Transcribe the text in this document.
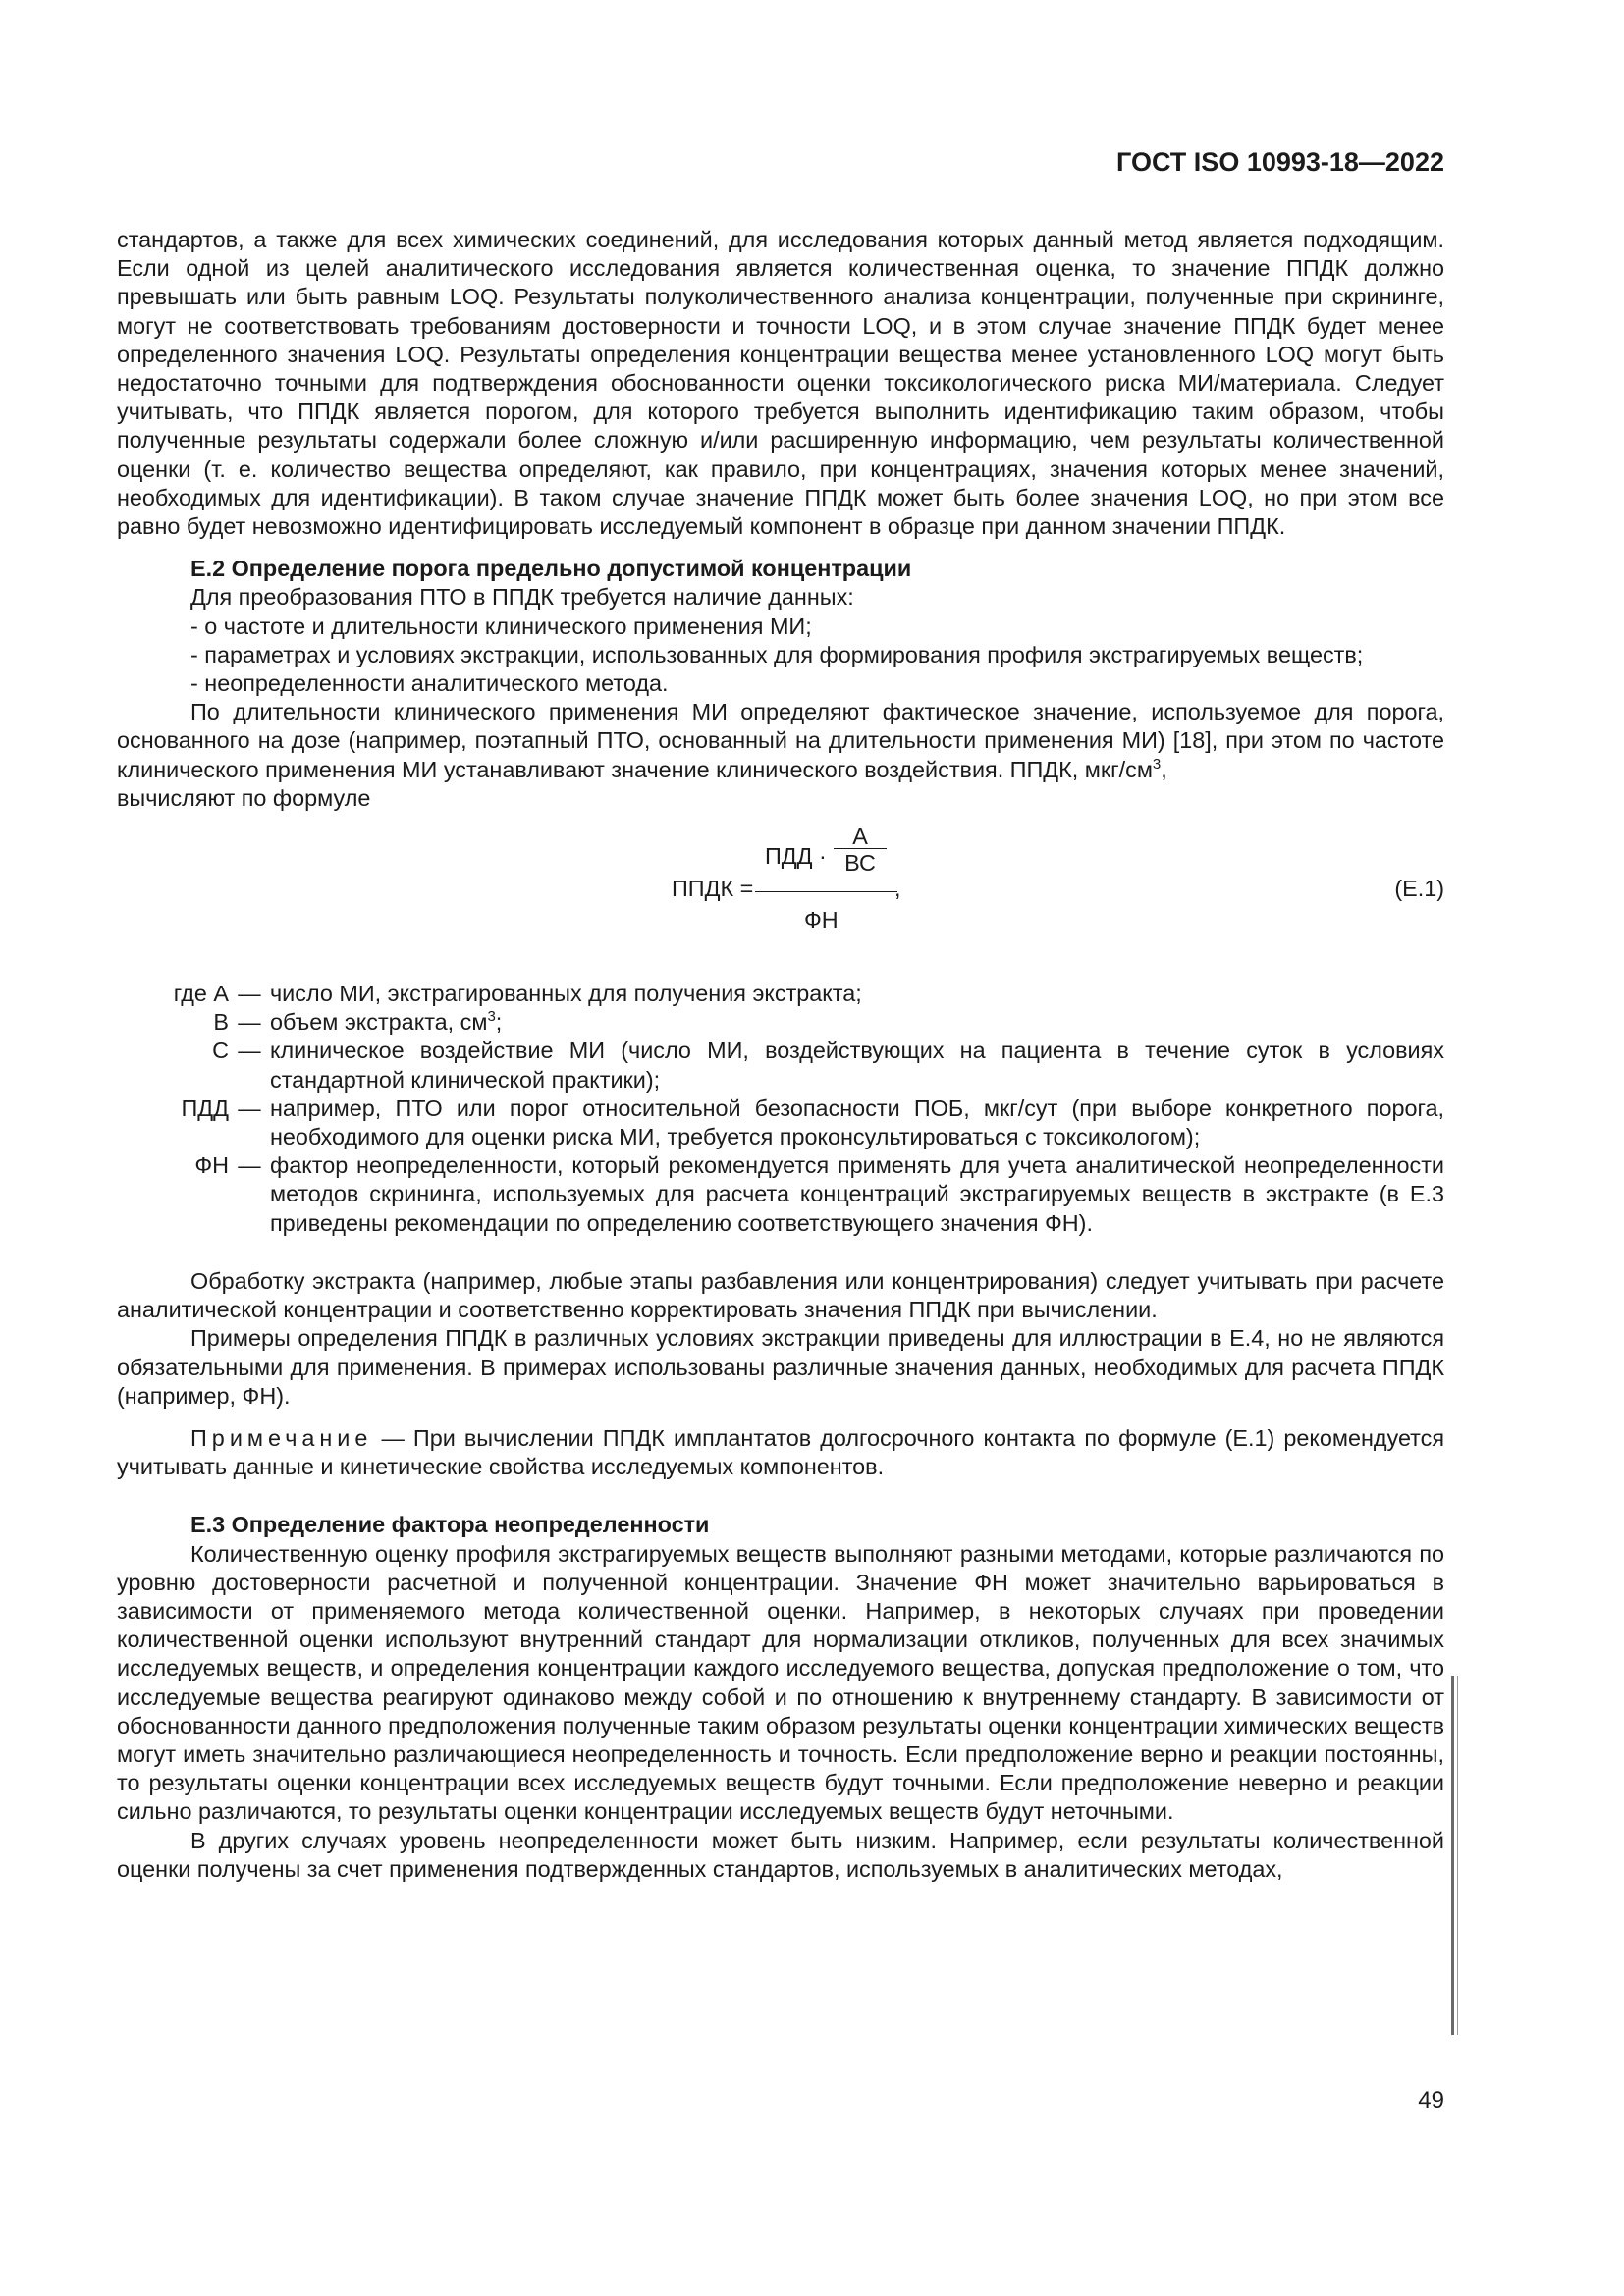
ГОСТ ISO 10993-18—2022

стандартов, а также для всех химических соединений, для исследования которых данный метод является подходящим. Если одной из целей аналитического исследования является количественная оценка, то значение ППДК должно превышать или быть равным LOQ. Результаты полуколичественного анализа концентрации, полученные при скрининге, могут не соответствовать требованиям достоверности и точности LOQ, и в этом случае значение ППДК будет менее определенного значения LOQ. Результаты определения концентрации вещества менее установленного LOQ могут быть недостаточно точными для подтверждения обоснованности оценки токсикологического риска МИ/материала. Следует учитывать, что ППДК является порогом, для которого требуется выполнить идентификацию таким образом, чтобы полученные результаты содержали более сложную и/или расширенную информацию, чем результаты количественной оценки (т. е. количество вещества определяют, как правило, при концентрациях, значения которых менее значений, необходимых для идентификации). В таком случае значение ППДК может быть более значения LOQ, но при этом все равно будет невозможно идентифицировать исследуемый компонент в образце при данном значении ППДК.

Е.2 Определение порога предельно допустимой концентрации

Для преобразования ПТО в ППДК требуется наличие данных:

- о частоте и длительности клинического применения МИ;

- параметрах и условиях экстракции, использованных для формирования профиля экстрагируемых веществ;

- неопределенности аналитического метода.

По длительности клинического применения МИ определяют фактическое значение, используемое для порога, основанного на дозе (например, поэтапный ПТО, основанный на длительности применения МИ) [18], при этом по частоте клинического применения МИ устанавливают значение клинического воздействия. ППДК, мкг/$см^3$,

вычисляют по формуле

ППДК =
ПДД ·
А
ВС
,
ФН
(Е.1)
где А — число МИ, экстрагированных для получения экстракта;
В — объем экстракта, $см^3$;
С — клиническое воздействие МИ (число МИ, воздействующих на пациента в течение суток в условиях стандартной клинической практики);
ПДД — например, ПТО или порог относительной безопасности ПОБ, мкг/сут (при выборе конкретного порога, необходимого для оценки риска МИ, требуется проконсультироваться с токсикологом);
ФН — фактор неопределенности, который рекомендуется применять для учета аналитической неопределенности методов скрининга, используемых для расчета концентраций экстрагируемых веществ в экстракте (в Е.3 приведены рекомендации по определению соответствующего значения ФН).

Обработку экстракта (например, любые этапы разбавления или концентрирования) следует учитывать при расчете аналитической концентрации и соответственно корректировать значения ППДК при вычислении.

Примеры определения ППДК в различных условиях экстракции приведены для иллюстрации в Е.4, но не являются обязательными для применения. В примерах использованы различные значения данных, необходимых для расчета ППДК (например, ФН).

Примечание — При вычислении ППДК имплантатов долгосрочного контакта по формуле (Е.1) рекомендуется учитывать данные и кинетические свойства исследуемых компонентов.

Е.3 Определение фактора неопределенности

Количественную оценку профиля экстрагируемых веществ выполняют разными методами, которые различаются по уровню достоверности расчетной и полученной концентрации. Значение ФН может значительно варьироваться в зависимости от применяемого метода количественной оценки. Например, в некоторых случаях при проведении количественной оценки используют внутренний стандарт для нормализации откликов, полученных для всех значимых исследуемых веществ, и определения концентрации каждого исследуемого вещества, допуская предположение о том, что исследуемые вещества реагируют одинаково между собой и по отношению к внутреннему стандарту. В зависимости от обоснованности данного предположения полученные таким образом результаты оценки концентрации химических веществ могут иметь значительно различающиеся неопределенность и точность. Если предположение верно и реакции постоянны, то результаты оценки концентрации всех исследуемых веществ будут точными. Если предположение неверно и реакции сильно различаются, то результаты оценки концентрации исследуемых веществ будут неточными.

В других случаях уровень неопределенности может быть низким. Например, если результаты количественной оценки получены за счет применения подтвержденных стандартов, используемых в аналитических методах,

49
